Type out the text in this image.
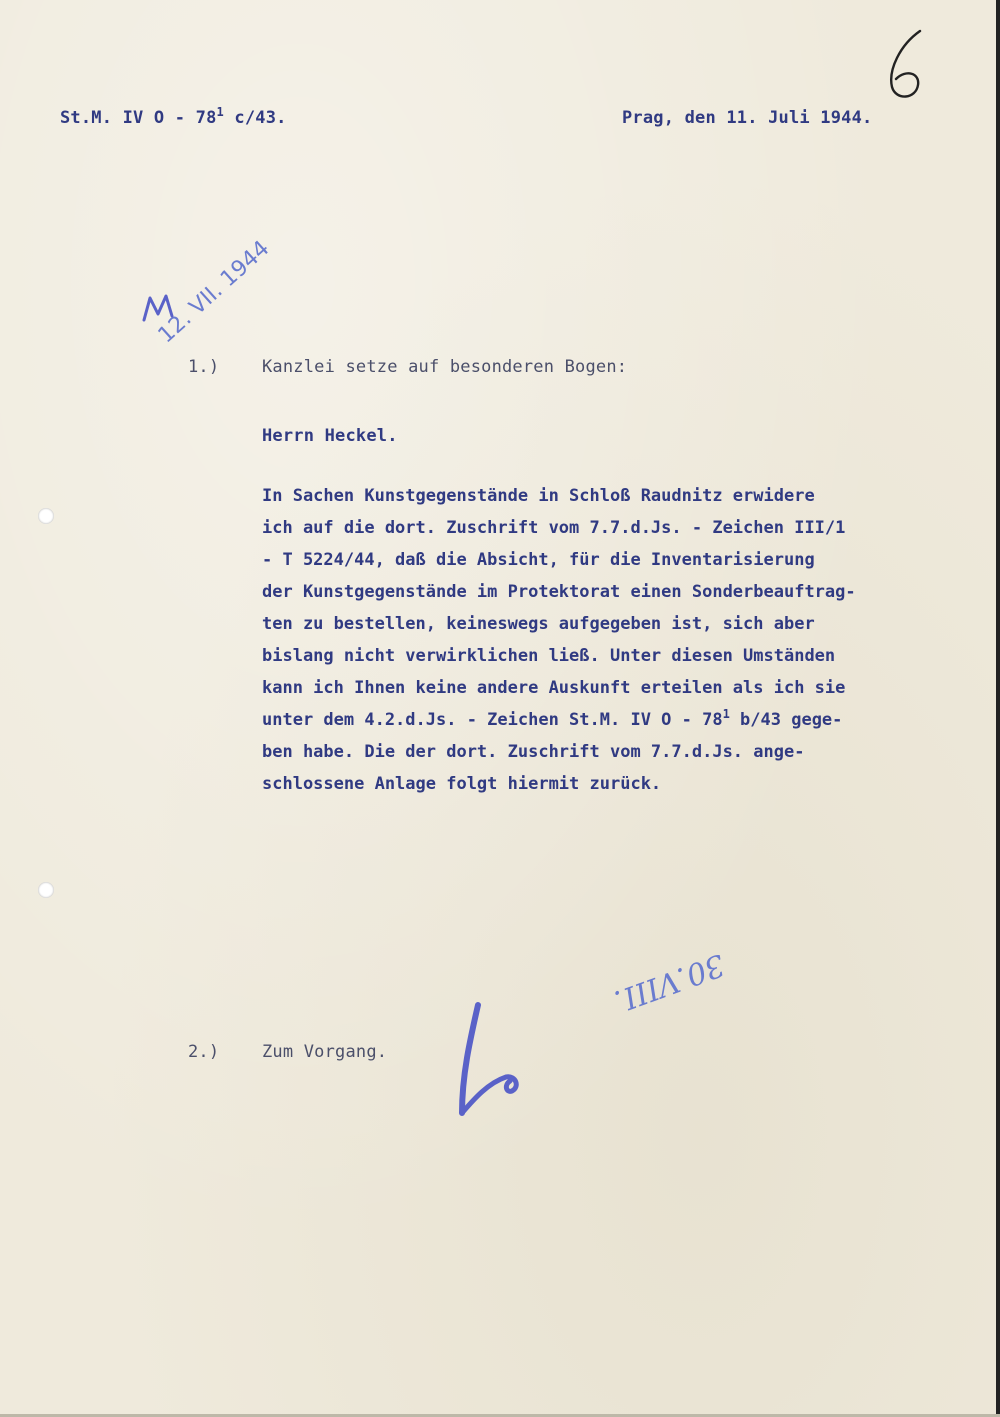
6
St.M. IV O - $78^1$ c/43.	Prag, den 11. Juli 1944.
12. VII. 1944
1.)	Kanzlei setze auf besonderen Bogen:
Herrn Heckel.
In Sachen Kunstgegenstände in Schloß Raudnitz erwidere
ich auf die dort. Zuschrift vom 7.7.d.Js. - Zeichen III/1
- T 5224/44, daß die Absicht, für die Inventarisierung
der Kunstgegenstände im Protektorat einen Sonderbeauftrag-
ten zu bestellen, keineswegs aufgegeben ist, sich aber
bislang nicht verwirklichen ließ. Unter diesen Umständen
kann ich Ihnen keine andere Auskunft erteilen als ich sie
unter dem 4.2.d.Js. - Zeichen St.M. IV O - $78^1$ b/43 gege-
ben habe. Die der dort. Zuschrift vom 7.7.d.Js. ange-
schlossene Anlage folgt hiermit zurück.
30.VIII.
2.)	Zum Vorgang.
